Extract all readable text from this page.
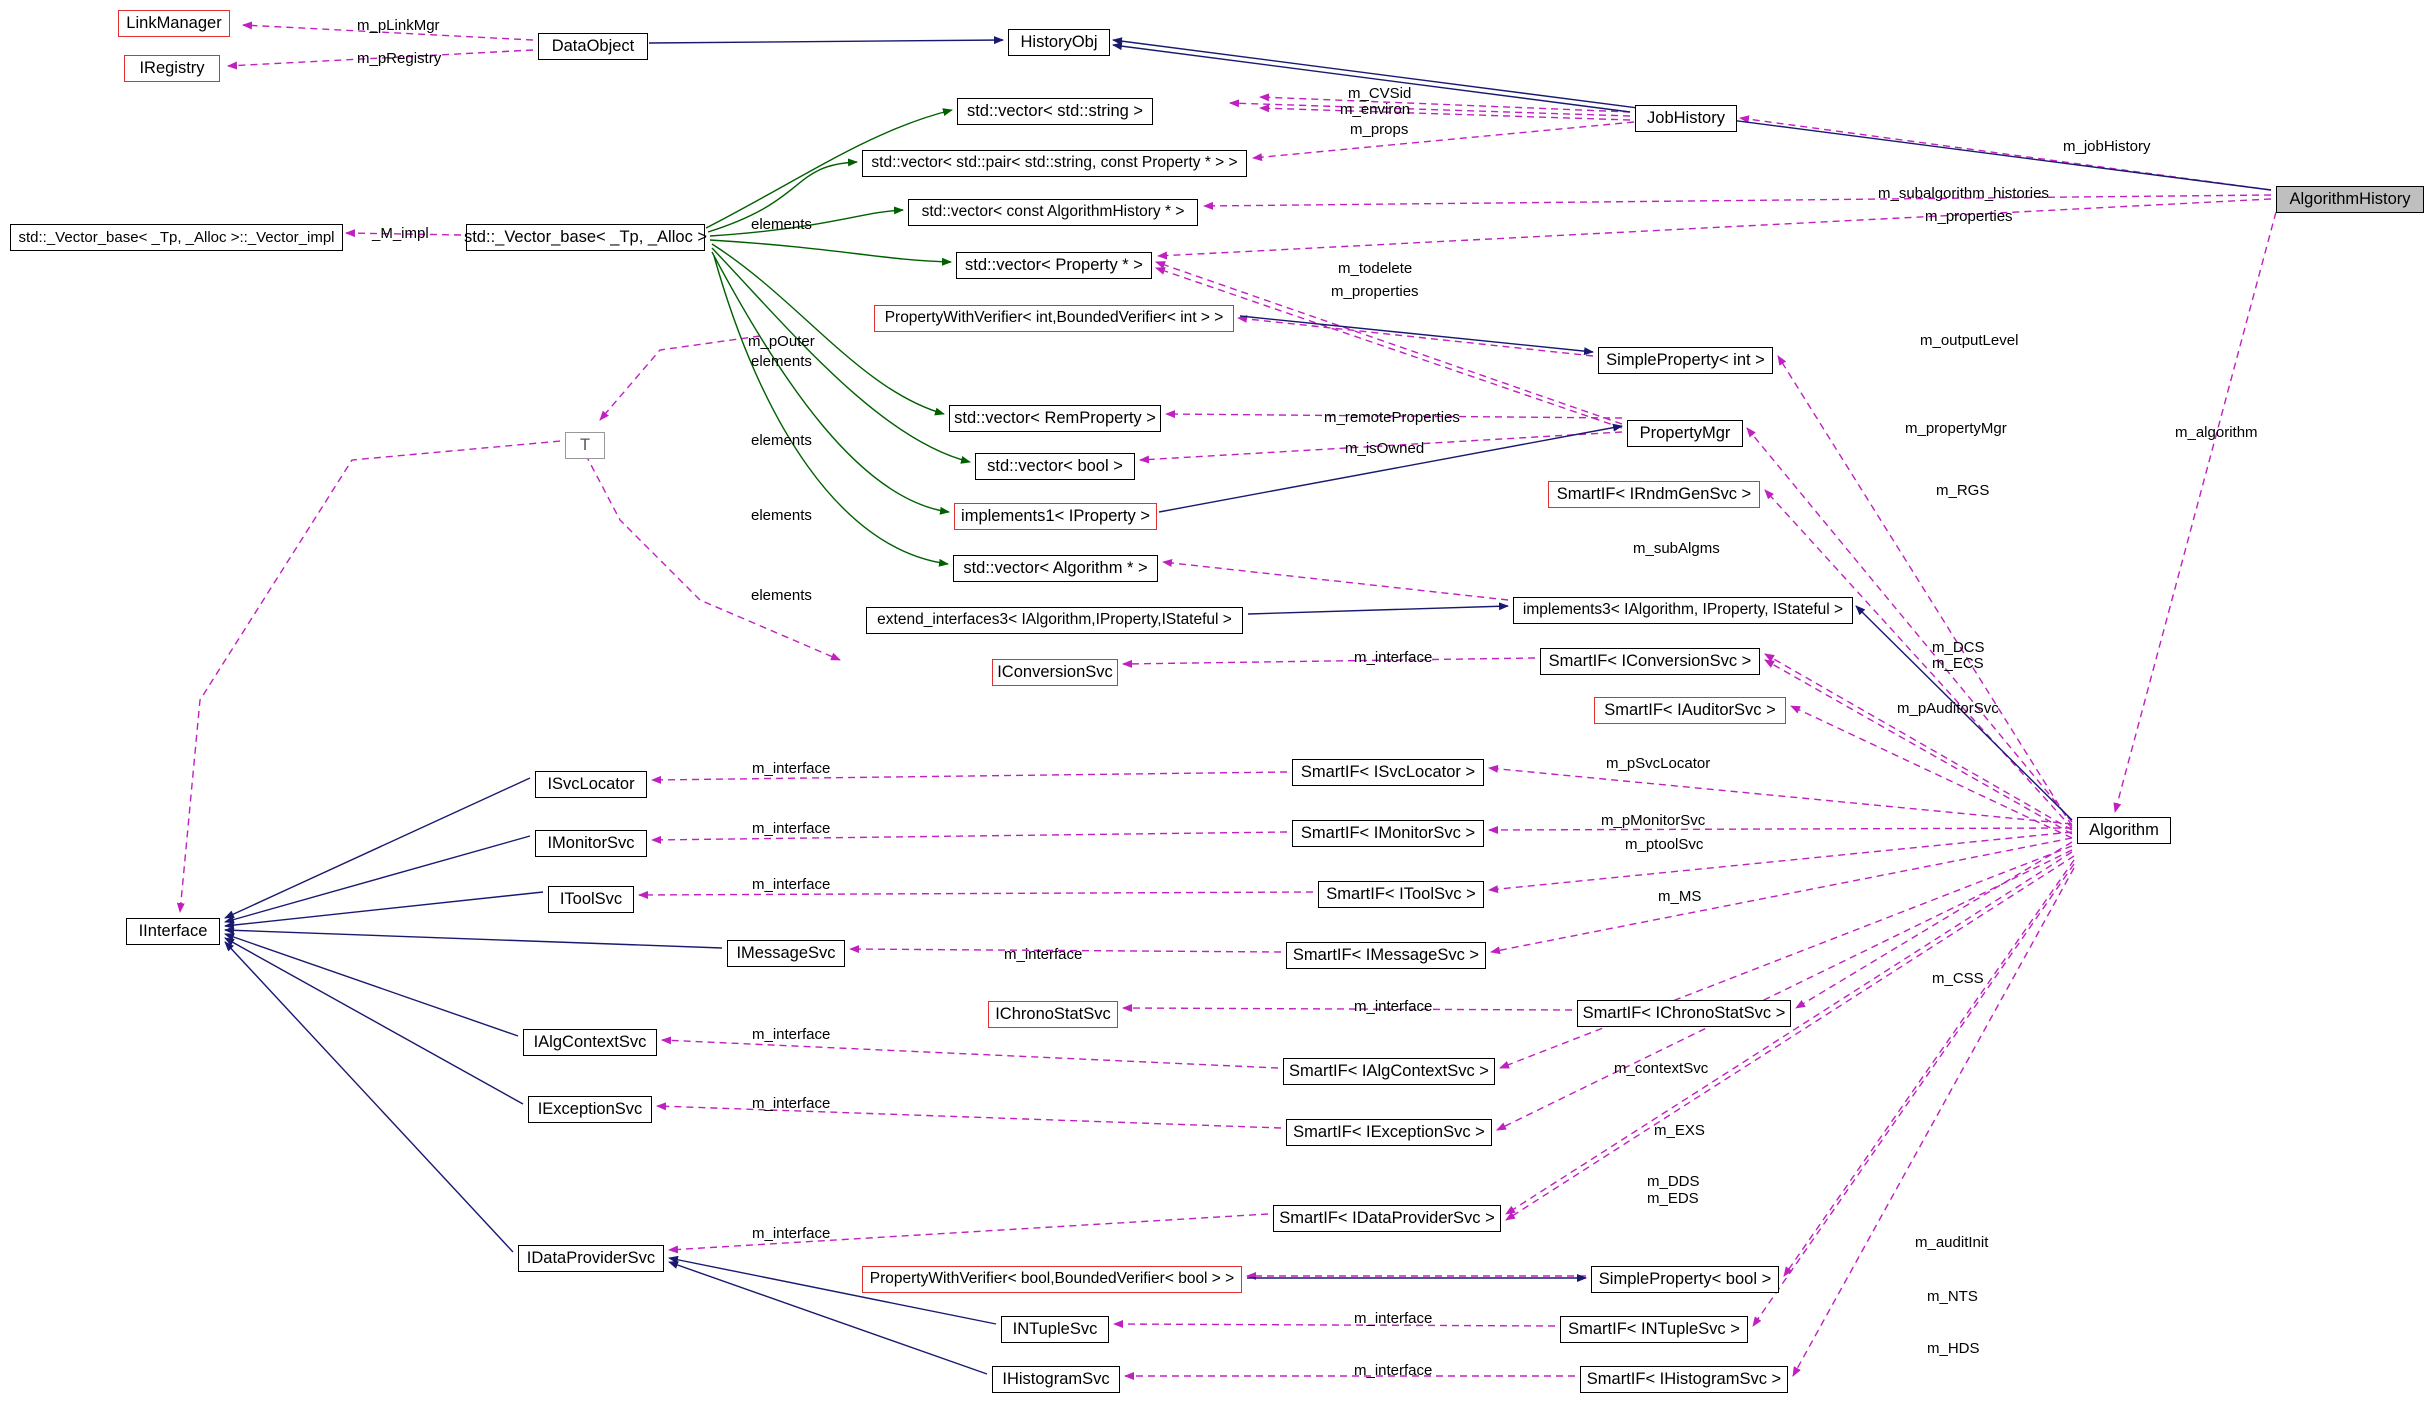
LinkManager
IRegistry
DataObject	HistoryObj
JobHistory
AlgorithmHistory
std::vector< std::string >
std::vector< std::pair< std::string, const Property * > >
std::vector< const AlgorithmHistory * >
std::_Vector_base< _Tp, _Alloc >::_Vector_impl	std::_Vector_base< _Tp, _Alloc >
std::vector< Property * >
PropertyWithVerifier< int,BoundedVerifier< int > >
SimpleProperty< int >
T
std::vector< RemProperty >
PropertyMgr
std::vector< bool >
SmartIF< IRndmGenSvc >
implements1< IProperty >
std::vector< Algorithm * >
implements3< IAlgorithm, IProperty, IStateful >
extend_interfaces3< IAlgorithm,IProperty,IStateful >
IConversionSvc
SmartIF< IConversionSvc >
SmartIF< IAuditorSvc >
ISvcLocator
SmartIF< ISvcLocator >
Algorithm
IMonitorSvc
SmartIF< IMonitorSvc >
IToolSvc	SmartIF< IToolSvc >
IInterface
IMessageSvc	SmartIF< IMessageSvc >
IChronoStatSvc	SmartIF< IChronoStatSvc >
IAlgContextSvc
SmartIF< IAlgContextSvc >
IExceptionSvc
SmartIF< IExceptionSvc >
IDataProviderSvc
SmartIF< IDataProviderSvc >
PropertyWithVerifier< bool,BoundedVerifier< bool > >	SimpleProperty< bool >
INTupleSvc	SmartIF< INTupleSvc >
IHistogramSvc	SmartIF< IHistogramSvc >
m_pLinkMgr
m_pRegistry
m_CVSid
m_environ
m_props
m_jobHistory
m_subalgorithm_histories
m_properties
_M_impl
elements
m_todelete
m_properties
m_pOuter
elements
m_outputLevel
m_remoteProperties
m_propertyMgr
elements	m_isOwned
m_RGS
elements
m_subAlgms
elements
m_interface
m_DCS
m_ECS
m_pAuditorSvc
m_interface	m_pSvcLocator
m_interface	m_pMonitorSvc
m_ptoolSvc
m_interface
m_MS
m_interface
m_interface
m_CSS
m_interface
m_contextSvc
m_interface
m_EXS
m_DDS
m_EDS
m_interface
m_auditInit
m_NTS
m_interface
m_HDS
m_interface
m_algorithm
